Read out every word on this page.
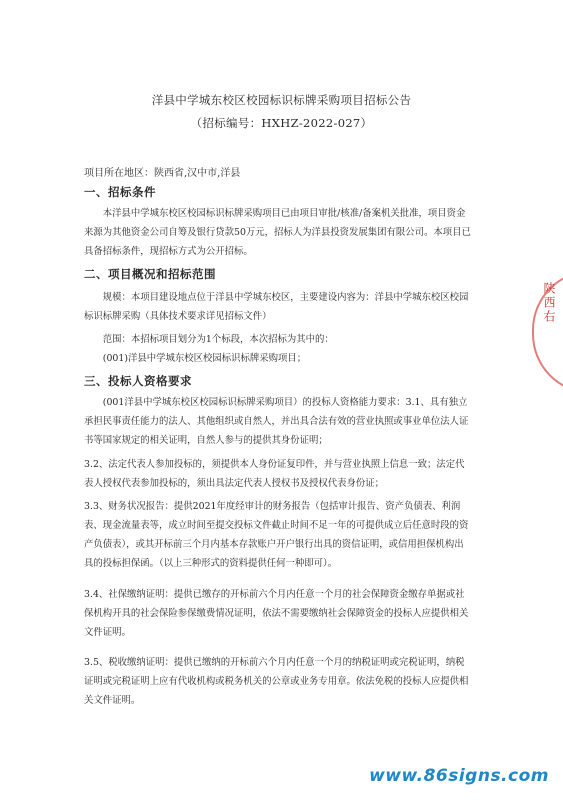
洋县中学城东校区校园标识标牌采购项目招标公告
（招标编号：HXHZ-2022-027）
项目所在地区：陕西省,汉中市,洋县
一、招标条件
本洋县中学城东校区校园标识标牌采购项目已由项目审批/核准/备案机关批准，项目资金来源为其他资金公司自筹及银行贷款50万元，招标人为洋县投资发展集团有限公司。本项目已具备招标条件，现招标方式为公开招标。
二、项目概况和招标范围
规模：本项目建设地点位于洋县中学城东校区，主要建设内容为：洋县中学城东校区校园标识标牌采购（具体技术要求详见招标文件）
范围：本招标项目划分为1个标段，本次招标为其中的：
(001)洋县中学城东校区校园标识标牌采购项目；
三、投标人资格要求
(001洋县中学城东校区校园标识标牌采购项目）的投标人资格能力要求：3.1、具有独立承担民事责任能力的法人、其他组织或自然人，并出具合法有效的营业执照或事业单位法人证书等国家规定的相关证明，自然人参与的提供其身份证明；
3.2、法定代表人参加投标的，须提供本人身份证复印件，并与营业执照上信息一致；法定代表人授权代表参加投标的，须出具法定代表人授权书及授权代表身份证；
3.3、财务状况报告：提供2021年度经审计的财务报告（包括审计报告、资产负债表、利润表、现金流量表等，成立时间至提交投标文件截止时间不足一年的可提供成立后任意时段的资产负债表），或其开标前三个月内基本存款账户开户银行出具的资信证明，或信用担保机构出具的投标担保函。（以上三种形式的资料提供任何一种即可）。
3.4、社保缴纳证明：提供已缴存的开标前六个月内任意一个月的社会保障资金缴存单据或社保机构开具的社会保险参保缴费情况证明，依法不需要缴纳社会保障资金的投标人应提供相关文件证明。
3.5、税收缴纳证明：提供已缴纳的开标前六个月内任意一个月的纳税证明或完税证明，纳税证明或完税证明上应有代收机构或税务机关的公章或业务专用章。依法免税的投标人应提供相关文件证明。
陕西右
www.86signs.com
